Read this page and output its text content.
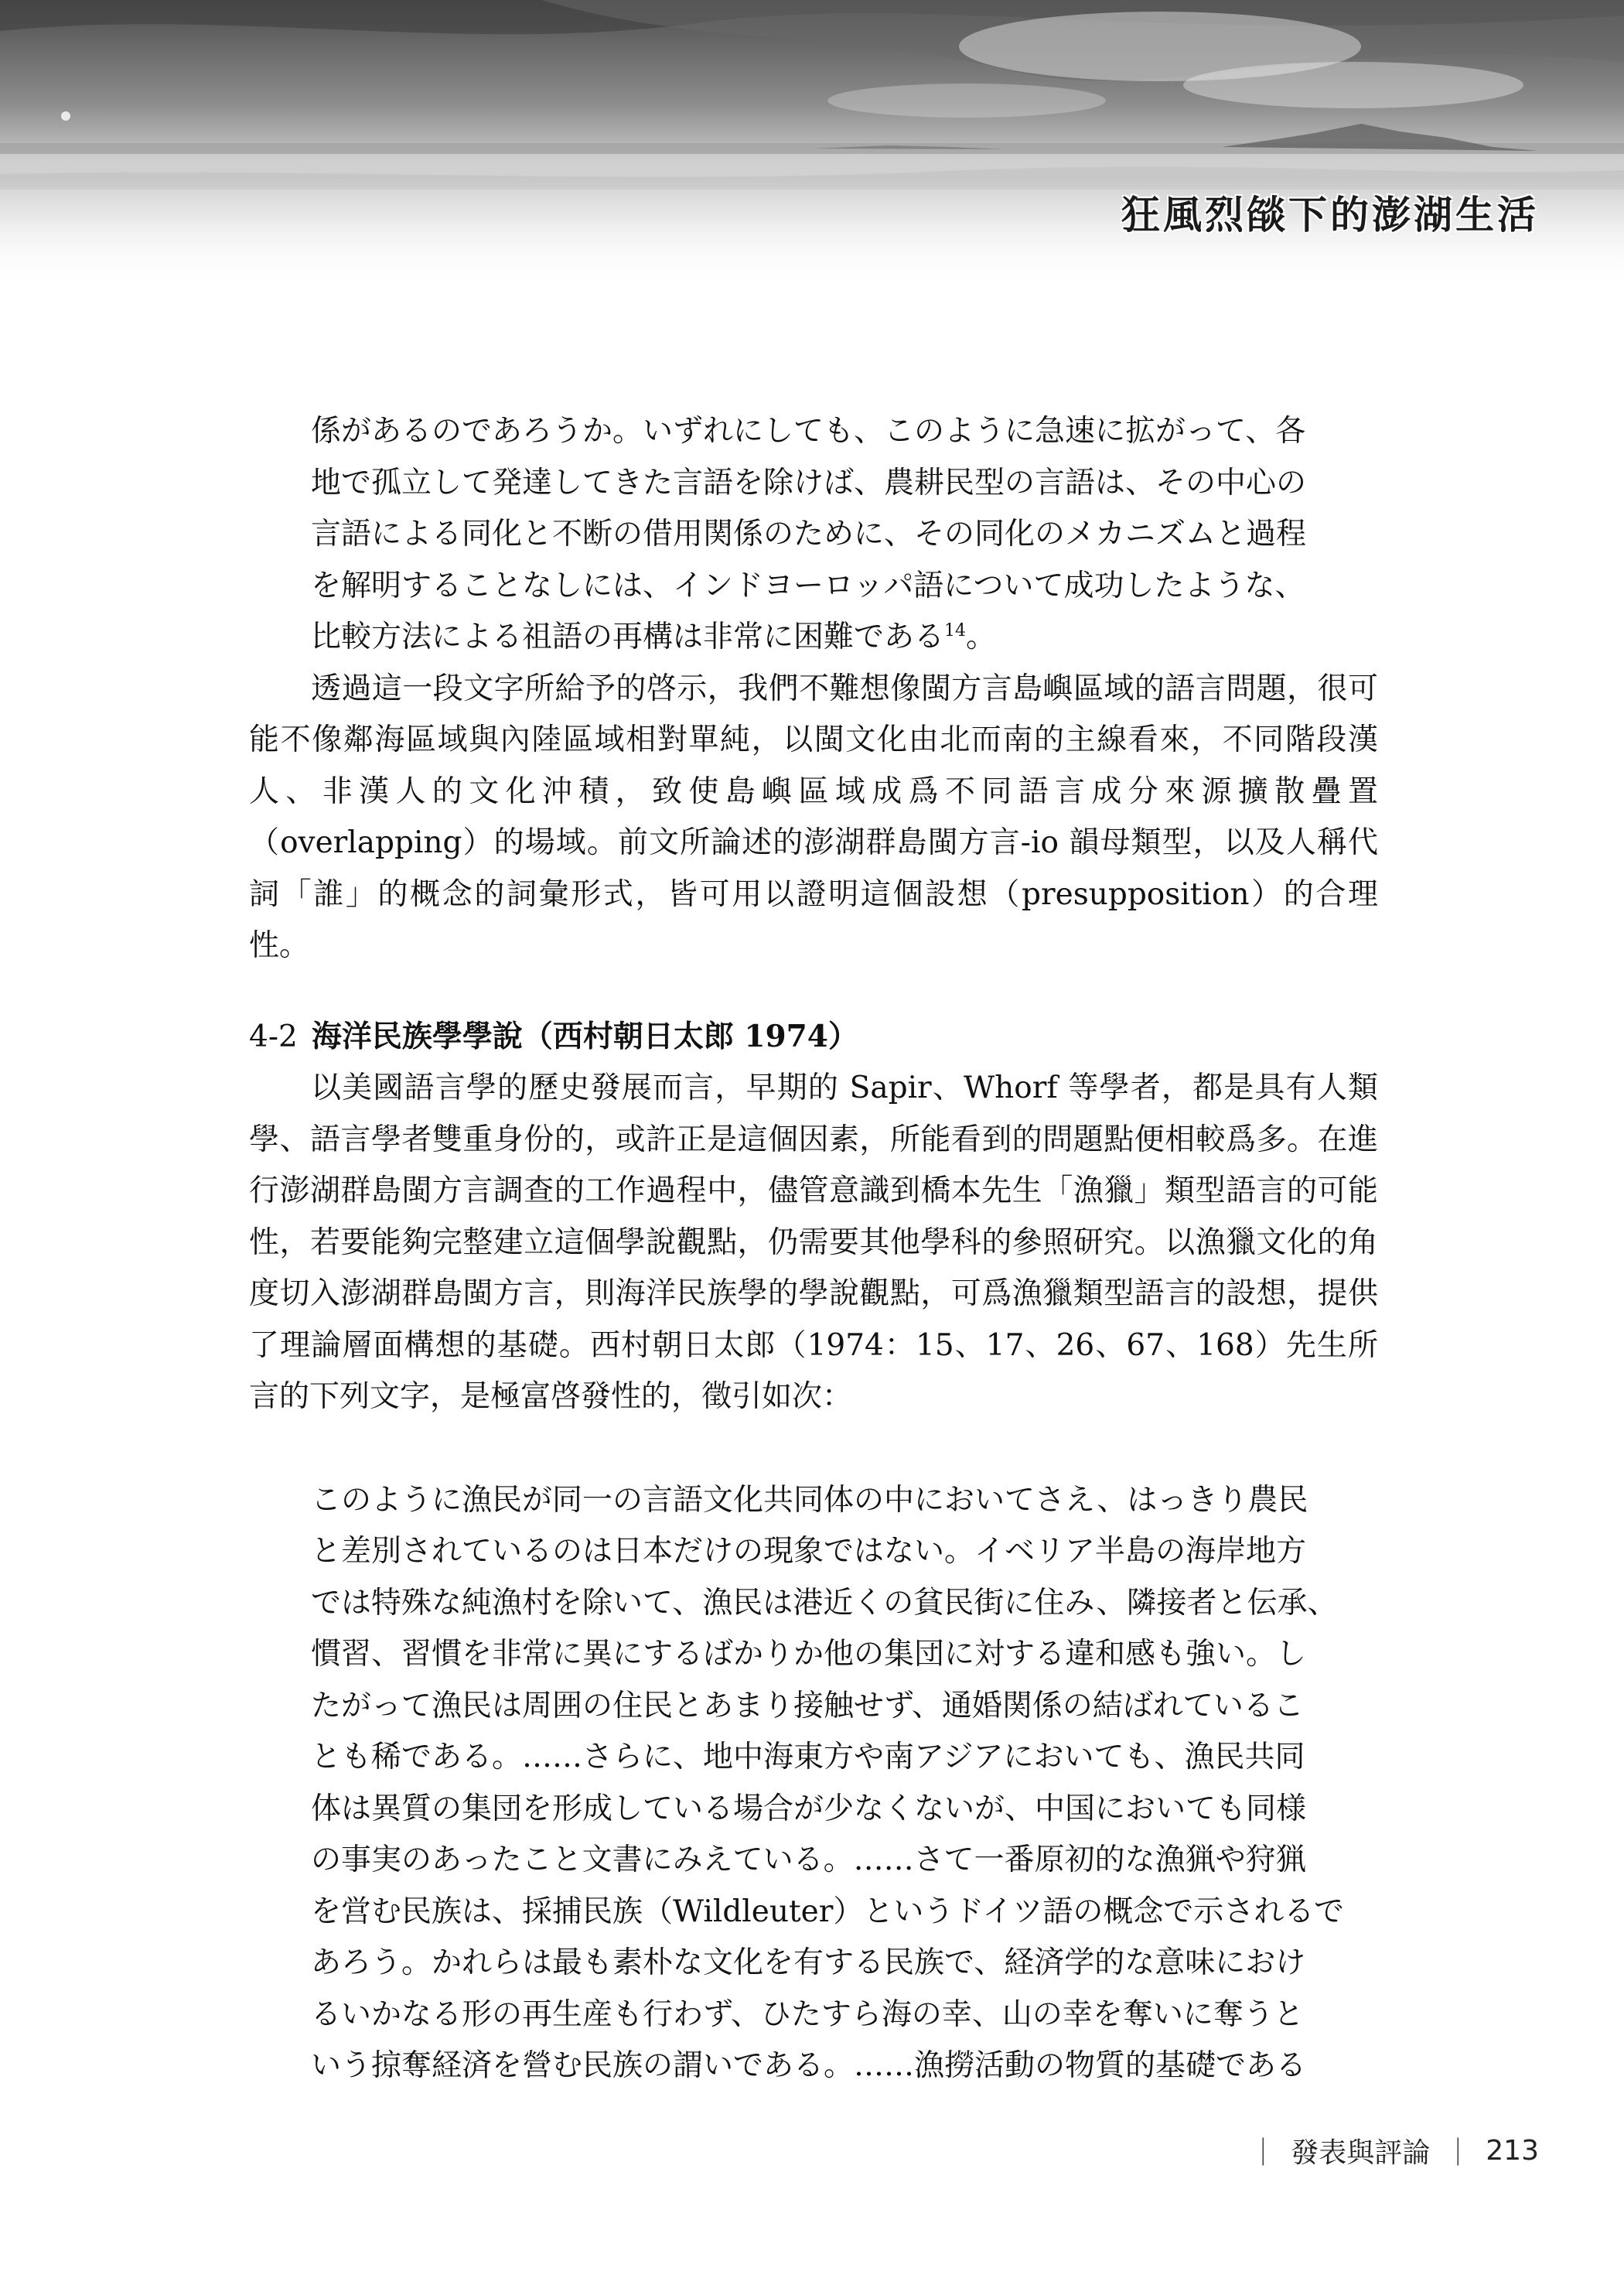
狂風烈燄下的澎湖生活
係があるのであろうか。いずれにしても、このように急速に拡がって、各
地で孤立して発達してきた言語を除けば、農耕民型の言語は、その中心の
言語による同化と不断の借用関係のために、その同化のメカニズムと過程
を解明することなしには、インドヨーロッパ語について成功したような、
比較方法による祖語の再構は非常に困難である$^{14}$。

透過這一段文字所給予的啓示，我們不難想像閩方言島嶼區域的語言問題，很可能不像鄰海區域與內陸區域相對單純，以閩文化由北而南的主線看來，不同階段漢人、非漢人的文化沖積，致使島嶼區域成爲不同語言成分來源擴散疊置（overlapping）的場域。前文所論述的澎湖群島閩方言-io 韻母類型，以及人稱代詞「誰」的概念的詞彙形式，皆可用以證明這個設想（presupposition）的合理性。

4-2 海洋民族學學說（西村朝日太郎 1974）

以美國語言學的歷史發展而言，早期的 Sapir、Whorf 等學者，都是具有人類學、語言學者雙重身份的，或許正是這個因素，所能看到的問題點便相較爲多。在進行澎湖群島閩方言調查的工作過程中，儘管意識到橋本先生「漁獵」類型語言的可能性，若要能夠完整建立這個學說觀點，仍需要其他學科的參照研究。以漁獵文化的角度切入澎湖群島閩方言，則海洋民族學的學說觀點，可爲漁獵類型語言的設想，提供了理論層面構想的基礎。西村朝日太郎（1974：15、17、26、67、168）先生所言的下列文字，是極富啓發性的，徵引如次：

このように漁民が同一の言語文化共同体の中においてさえ、はっきり農民
と差別されているのは日本だけの現象ではない。イベリア半島の海岸地方
では特殊な純漁村を除いて、漁民は港近くの貧民街に住み、隣接者と伝承、
慣習、習慣を非常に異にするばかりか他の集団に対する違和感も強い。し
たがって漁民は周囲の住民とあまり接触せず、通婚関係の結ばれているこ
とも稀である。……さらに、地中海東方や南アジアにおいても、漁民共同
体は異質の集団を形成している場合が少なくないが、中国においても同様
の事実のあったこと文書にみえている。……さて一番原初的な漁猟や狩猟
を営む民族は、採捕民族（Wildleuter）というドイツ語の概念で示されるで
あろう。かれらは最も素朴な文化を有する民族で、経済学的な意味におけ
るいかなる形の再生産も行わず、ひたすら海の幸、山の幸を奪いに奪うと
いう掠奪経済を營む民族の謂いである。……漁撈活動の物質的基礎である
｜ 發表與評論 ｜ 213
